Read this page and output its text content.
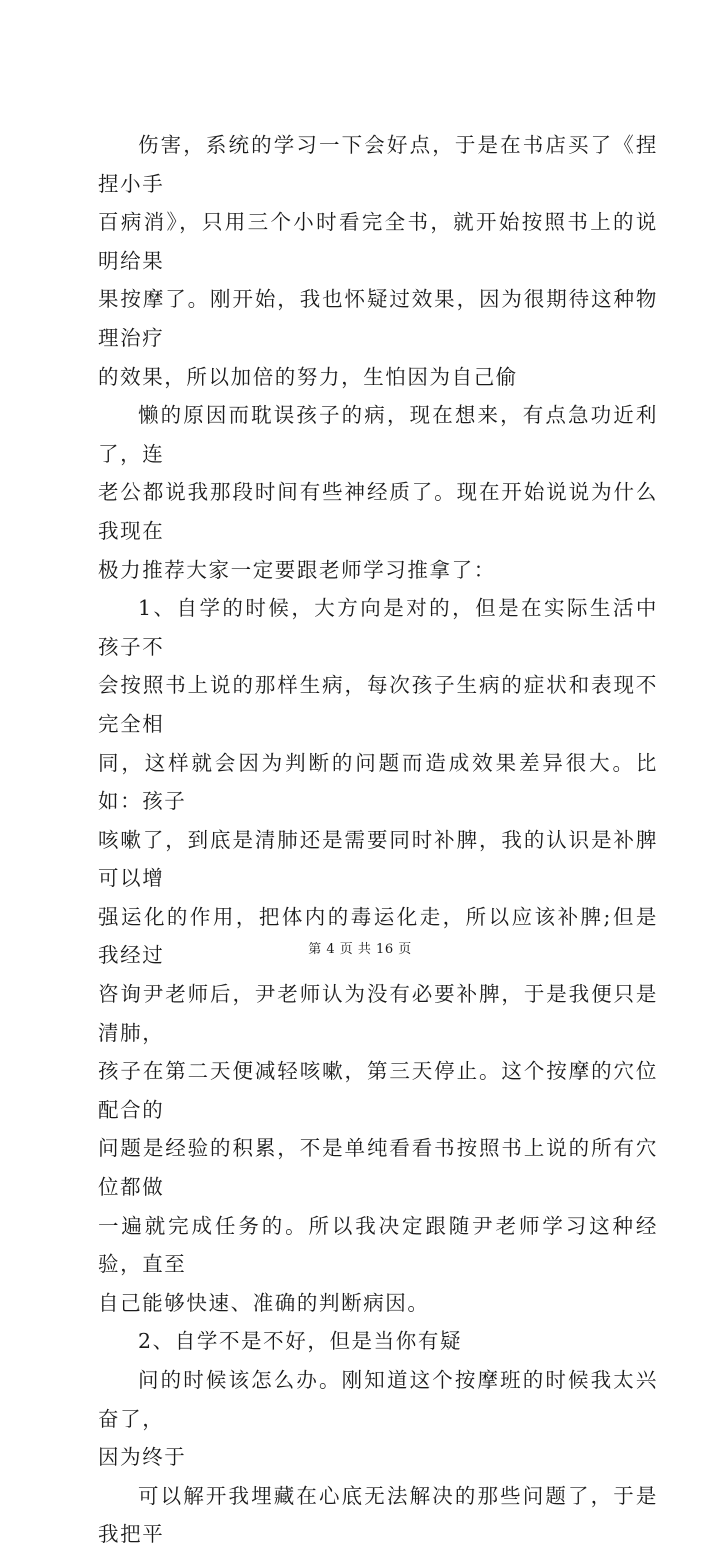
伤害，系统的学习一下会好点，于是在书店买了《捏捏小手
百病消》，只用三个小时看完全书，就开始按照书上的说明给果
果按摩了。刚开始，我也怀疑过效果，因为很期待这种物理治疗
的效果，所以加倍的努力，生怕因为自己偷

懒的原因而耽误孩子的病，现在想来，有点急功近利了，连
老公都说我那段时间有些神经质了。现在开始说说为什么我现在
极力推荐大家一定要跟老师学习推拿了：

1、自学的时候，大方向是对的，但是在实际生活中孩子不
会按照书上说的那样生病，每次孩子生病的症状和表现不完全相
同，这样就会因为判断的问题而造成效果差异很大。比如：孩子
咳嗽了，到底是清肺还是需要同时补脾，我的认识是补脾可以增
强运化的作用，把体内的毒运化走，所以应该补脾;但是我经过
咨询尹老师后，尹老师认为没有必要补脾，于是我便只是清肺，
孩子在第二天便减轻咳嗽，第三天停止。这个按摩的穴位配合的
问题是经验的积累，不是单纯看看书按照书上说的所有穴位都做
一遍就完成任务的。所以我决定跟随尹老师学习这种经验，直至
自己能够快速、准确的判断病因。

2、自学不是不好，但是当你有疑

问的时候该怎么办。刚知道这个按摩班的时候我太兴奋了，
因为终于

可以解开我埋藏在心底无法解决的那些问题了，于是我把平

第 4 页 共 16 页
